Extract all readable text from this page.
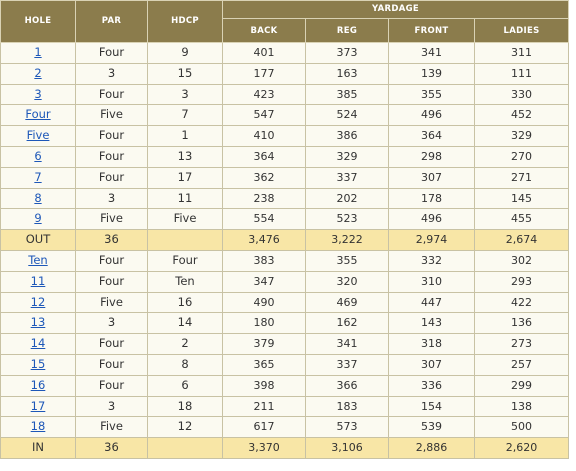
HOLE	PAR	HDCP	YARDAGE			
			BACK	REG	FRONT	LADIES
1	Four	9	401	373	341	311
2	3	15	177	163	139	111
3	Four	3	423	385	355	330
Four	Five	7	547	524	496	452
Five	Four	1	410	386	364	329
6	Four	13	364	329	298	270
7	Four	17	362	337	307	271
8	3	11	238	202	178	145
9	Five	Five	554	523	496	455
OUT	36		3,476	3,222	2,974	2,674
Ten	Four	Four	383	355	332	302
11	Four	Ten	347	320	310	293
12	Five	16	490	469	447	422
13	3	14	180	162	143	136
14	Four	2	379	341	318	273
15	Four	8	365	337	307	257
16	Four	6	398	366	336	299
17	3	18	211	183	154	138
18	Five	12	617	573	539	500
IN	36		3,370	3,106	2,886	2,620
